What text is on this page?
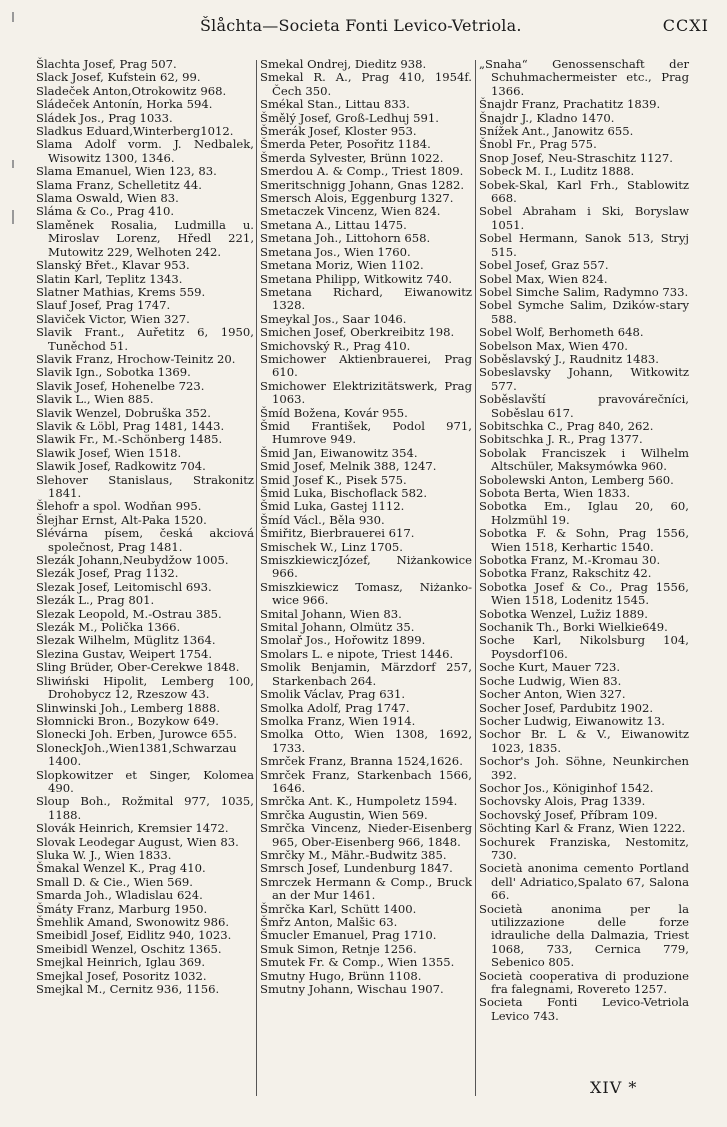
Šlåchta—Societa Fonti Levico-Vetriola.	CCXI
Šlachta Josef, Prag 507.
Slack Josef, Kufstein 62, 99.
Sladeček Anton,Otrokowitz 968.
Sládeček Antonín, Horka 594.
Sládek Jos., Prag 1033.
Sladkus Eduard,Winterberg1012.
Slama Adolf vorm. J. Nedbalek, Wisowitz 1300, 1346.
Slama Emanuel, Wien 123, 83.
Slama Franz, Schelletitz 44.
Slama Oswald, Wien 83.
Sláma & Co., Prag 410.
Slaměnek Rosalia, Ludmilla u. Miroslav Lorenz, Hředl 221, Mutowitz 229, Welhoten 242.
Slanský Břet., Klavar 953.
Slatin Karl, Teplitz 1343.
Slatner Mathias, Krems 559.
Slauf Josef, Prag 1747.
Slaviček Victor, Wien 327.
Slavik Frant., Auřetitz 6, 1950, Tuněchod 51.
Slavik Franz, Hrochow-Teinitz 20.
Slavik Ign., Sobotka 1369.
Slavik Josef, Hohenelbe 723.
Slavik L., Wien 885.
Slavik Wenzel, Dobruška 352.
Slavik & Löbl, Prag 1481, 1443.
Slawik Fr., M.-Schönberg 1485.
Slawik Josef, Wien 1518.
Slawik Josef, Radkowitz 704.
Slehover Stanislaus, Strakonitz 1841.
Šlehofr a spol. Wodňan 995.
Šlejhar Ernst, Alt-Paka 1520.
Slévárna písem, česká akciová společnost, Prag 1481.
Slezák Johann,Neubydžow 1005.
Slezák Josef, Prag 1132.
Slezak Josef, Leitomischl 693.
Slezák L., Prag 801.
Slezak Leopold, M.-Ostrau 385.
Slezák M., Polička 1366.
Slezak Wilhelm, Müglitz 1364.
Slezina Gustav, Weipert 1754.
Sling Brüder, Ober-Cerekwe 1848.
Sliwiński Hipolit, Lemberg 100, Drohobycz 12, Rzeszow 43.
Slinwinski Joh., Lemberg 1888.
Słomnicki Bron., Bozykow 649.
Slonecki Joh. Erben, Jurowce 655.
SloneckJoh.,Wien1381,Schwarzau 1400.
Slopkowitzer et Singer, Kolomea 490.
Sloup Boh., Rožmital 977, 1035, 1188.
Slovák Heinrich, Kremsier 1472.
Slovak Leodegar August, Wien 83.
Sluka W. J., Wien 1833.
Šmakal Wenzel K., Prag 410.
Small D. & Cie., Wien 569.
Smarda Joh., Wladislau 624.
Šmáty Franz, Marburg 1950.
Šmehlik Amand, Swonowitz 986.
Smeibidl Josef, Eidlitz 940, 1023.
Smeibidl Wenzel, Oschitz 1365.
Smejkal Heinrich, Iglau 369.
Smejkal Josef, Posoritz 1032.
Smejkal M., Cernitz 936, 1156.
Smekal Ondrej, Dieditz 938.
Smekal R. A., Prag 410, 1954f. Čech 350.
Smékal Stan., Littau 833.
Šmělý Josef, Groß-Ledhuj 591.
Šmerák Josef, Kloster 953.
Šmerda Peter, Posořitz 1184.
Šmerda Sylvester, Brünn 1022.
Smerdou A. & Comp., Triest 1809.
Smeritschnigg Johann, Gnas 1282.
Smersch Alois, Eggenburg 1327.
Smetaczek Vincenz, Wien 824.
Smetana A., Littau 1475.
Smetana Joh., Littohorn 658.
Smetana Jos., Wien 1760.
Smetana Moriz, Wien 1102.
Smetana Philipp, Witkowitz 740.
Smetana Richard, Eiwanowitz 1328.
Smeykal Jos., Saar 1046.
Smichen Josef, Oberkreibitz 198.
Smichovský R., Prag 410.
Smichower Aktienbrauerei, Prag 610.
Smichower Elektrizitätswerk, Prag 1063.
Šmíd Božena, Kovár 955.
Šmid František, Podol 971, Humrove 949.
Šmid Jan, Eiwanowitz 354.
Smid Josef, Melnik 388, 1247.
Smid Josef K., Pisek 575.
Šmid Luka, Bischoflack 582.
Šmid Luka, Gastej 1112.
Šmíd Václ., Běla 930.
Šmiřitz, Bierbrauerei 617.
Smischek W., Linz 1705.
SmiszkiewiczJózef, Niżankowice 966.
Smiszkiewicz Tomasz, Niżanko-wice 966.
Smital Johann, Wien 83.
Smital Johann, Olmütz 35.
Smolař Jos., Hořowitz 1899.
Smolars L. e nipote, Triest 1446.
Smolik Benjamin, Märzdorf 257, Starkenbach 264.
Smolik Václav, Prag 631.
Smolka Adolf, Prag 1747.
Smolka Franz, Wien 1914.
Smolka Otto, Wien 1308, 1692, 1733.
Smrček Franz, Branna 1524,1626.
Smrček Franz, Starkenbach 1566, 1646.
Smrčka Ant. K., Humpoletz 1594.
Smrčka Augustin, Wien 569.
Smrčka Vincenz, Nieder-Eisenberg 965, Ober-Eisenberg 966, 1848.
Smrčky M., Mähr.-Budwitz 385.
Smrsch Josef, Lundenburg 1847.
Smrczek Hermann & Comp., Bruck an der Mur 1461.
Šmrčka Karl, Schütt 1400.
Šmřz Anton, Malšic 63.
Šmucler Emanuel, Prag 1710.
Smuk Simon, Retnje 1256.
Smutek Fr. & Comp., Wien 1355.
Smutny Hugo, Brünn 1108.
Smutny Johann, Wischau 1907.
„Snaha“ Genossenschaft der Schuhmachermeister etc., Prag 1366.
Šnajdr Franz, Prachatitz 1839.
Šnajdr J., Kladno 1470.
Snížek Ant., Janowitz 655.
Šnobl Fr., Prag 575.
Snop Josef, Neu-Straschitz 1127.
Sobeck M. I., Luditz 1888.
Sobek-Skal, Karl Frh., Stablowitz 668.
Sobel Abraham i Ski, Boryslaw 1051.
Sobel Hermann, Sanok 513, Stryj 515.
Sobel Josef, Graz 557.
Sobel Max, Wien 824.
Sobel Simche Salim, Radymno 733.
Sobel Symche Salim, Dzików-stary 588.
Sobel Wolf, Berhometh 648.
Sobelson Max, Wien 470.
Soběslavský J., Raudnitz 1483.
Sobeslavsky Johann, Witkowitz 577.
Soběslavští pravovárečníci, Soběslau 617.
Sobitschka C., Prag 840, 262.
Sobitschka J. R., Prag 1377.
Sobolak Franciszek i Wilhelm Altschüler, Maksymówka 960.
Sobolewski Anton, Lemberg 560.
Sobota Berta, Wien 1833.
Sobotka Em., Iglau 20, 60, Holzmühl 19.
Sobotka F. & Sohn, Prag 1556, Wien 1518, Kerhartic 1540.
Sobotka Franz, M.-Kromau 30.
Sobotka Franz, Rakschitz 42.
Sobotka Josef & Co., Prag 1556, Wien 1518, Lodenitz 1545.
Sobotka Wenzel, Lužiz 1889.
Sochanik Th., Borki Wielkie649.
Soche Karl, Nikolsburg 104, Poysdorf106.
Soche Kurt, Mauer 723.
Soche Ludwig, Wien 83.
Socher Anton, Wien 327.
Socher Josef, Pardubitz 1902.
Socher Ludwig, Eiwanowitz 13.
Sochor Br. L & V., Eiwanowitz 1023, 1835.
Sochor's Joh. Söhne, Neunkirchen 392.
Sochor Jos., Königinhof 1542.
Sochovsky Alois, Prag 1339.
Sochovský Josef, Příbram 109.
Söchting Karl & Franz, Wien 1222.
Sochurek Franziska, Nestomitz, 730.
Società anonima cemento Portland dell' Adriatico,Spalato 67, Salona 66.
Società anonima per la utilizzazione delle forze idrauliche della Dalmazia, Triest 1068, 733, Cernica 779, Sebenico 805.
Società cooperativa di produzione fra falegnami, Rovereto 1257.
Societa Fonti Levico-Vetriola Levico 743.
XIV *
